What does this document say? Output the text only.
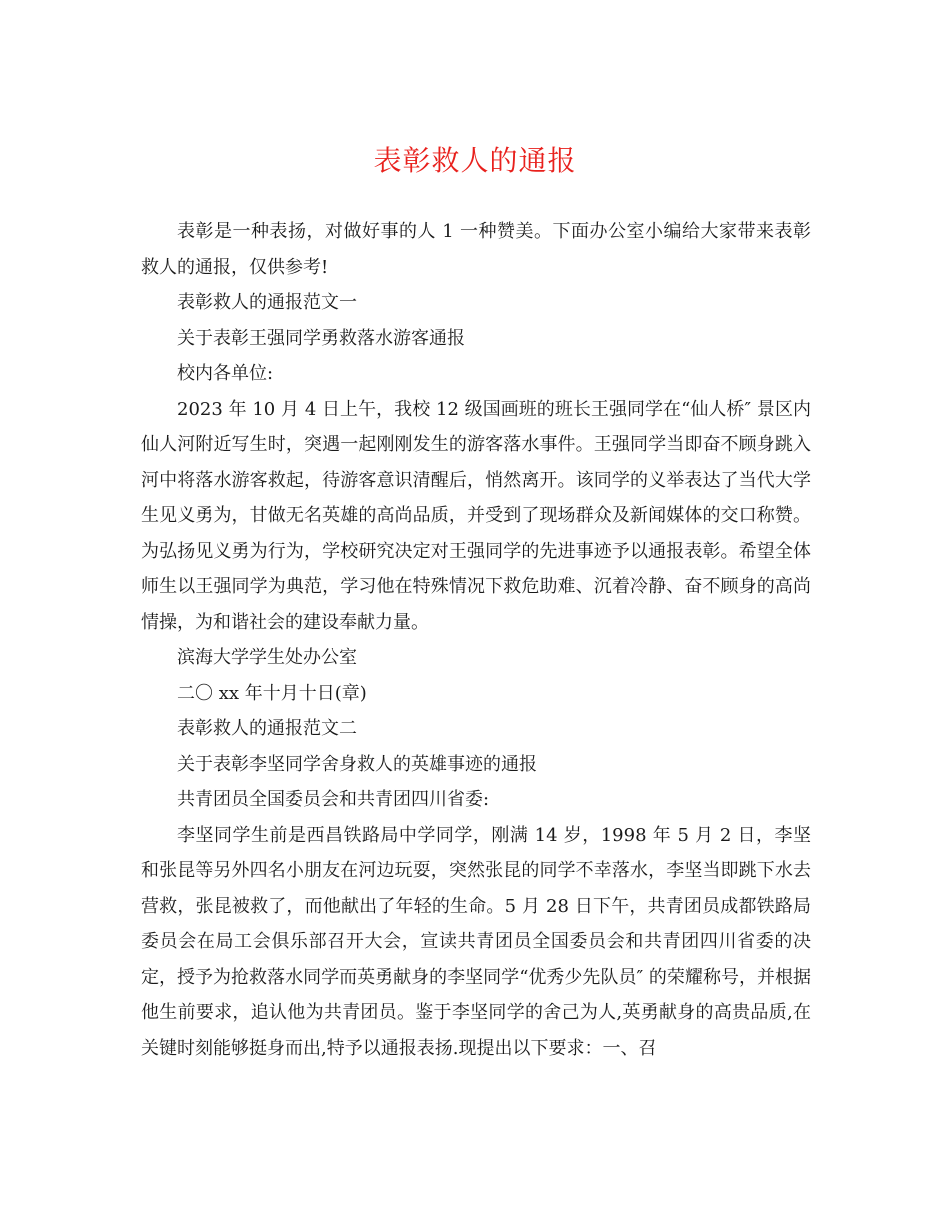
表彰救人的通报

表彰是一种表扬，对做好事的人 1 一种赞美。下面办公室小编给大家带来表彰救人的通报，仅供参考!

表彰救人的通报范文一

关于表彰王强同学勇救落水游客通报

校内各单位:

2023 年 10 月 4 日上午，我校 12 级国画班的班长王强同学在“仙人桥″ 景区内仙人河附近写生时，突遇一起刚刚发生的游客落水事件。王强同学当即奋不顾身跳入河中将落水游客救起，待游客意识清醒后，悄然离开。该同学的义举表达了当代大学生见义勇为，甘做无名英雄的高尚品质，并受到了现场群众及新闻媒体的交口称赞。为弘扬见义勇为行为，学校研究决定对王强同学的先进事迹予以通报表彰。希望全体师生以王强同学为典范，学习他在特殊情况下救危助难、沉着冷静、奋不顾身的高尚情操，为和谐社会的建设奉献力量。

滨海大学学生处办公室

二〇 xx 年十月十日(章)

表彰救人的通报范文二

关于表彰李坚同学舍身救人的英雄事迹的通报

共青团员全国委员会和共青团四川省委:

李坚同学生前是西昌铁路局中学同学，刚满 14 岁，1998 年 5 月 2 日，李坚和张昆等另外四名小朋友在河边玩耍，突然张昆的同学不幸落水，李坚当即跳下水去营救，张昆被救了，而他献出了年轻的生命。5 月 28 日下午，共青团员成都铁路局委员会在局工会俱乐部召开大会，宣读共青团员全国委员会和共青团四川省委的决定，授予为抢救落水同学而英勇献身的李坚同学“优秀少先队员″ 的荣耀称号，并根据他生前要求，追认他为共青团员。鉴于李坚同学的舍己为人,英勇献身的高贵品质,在关键时刻能够挺身而出,特予以通报表扬.现提出以下要求：一、召
